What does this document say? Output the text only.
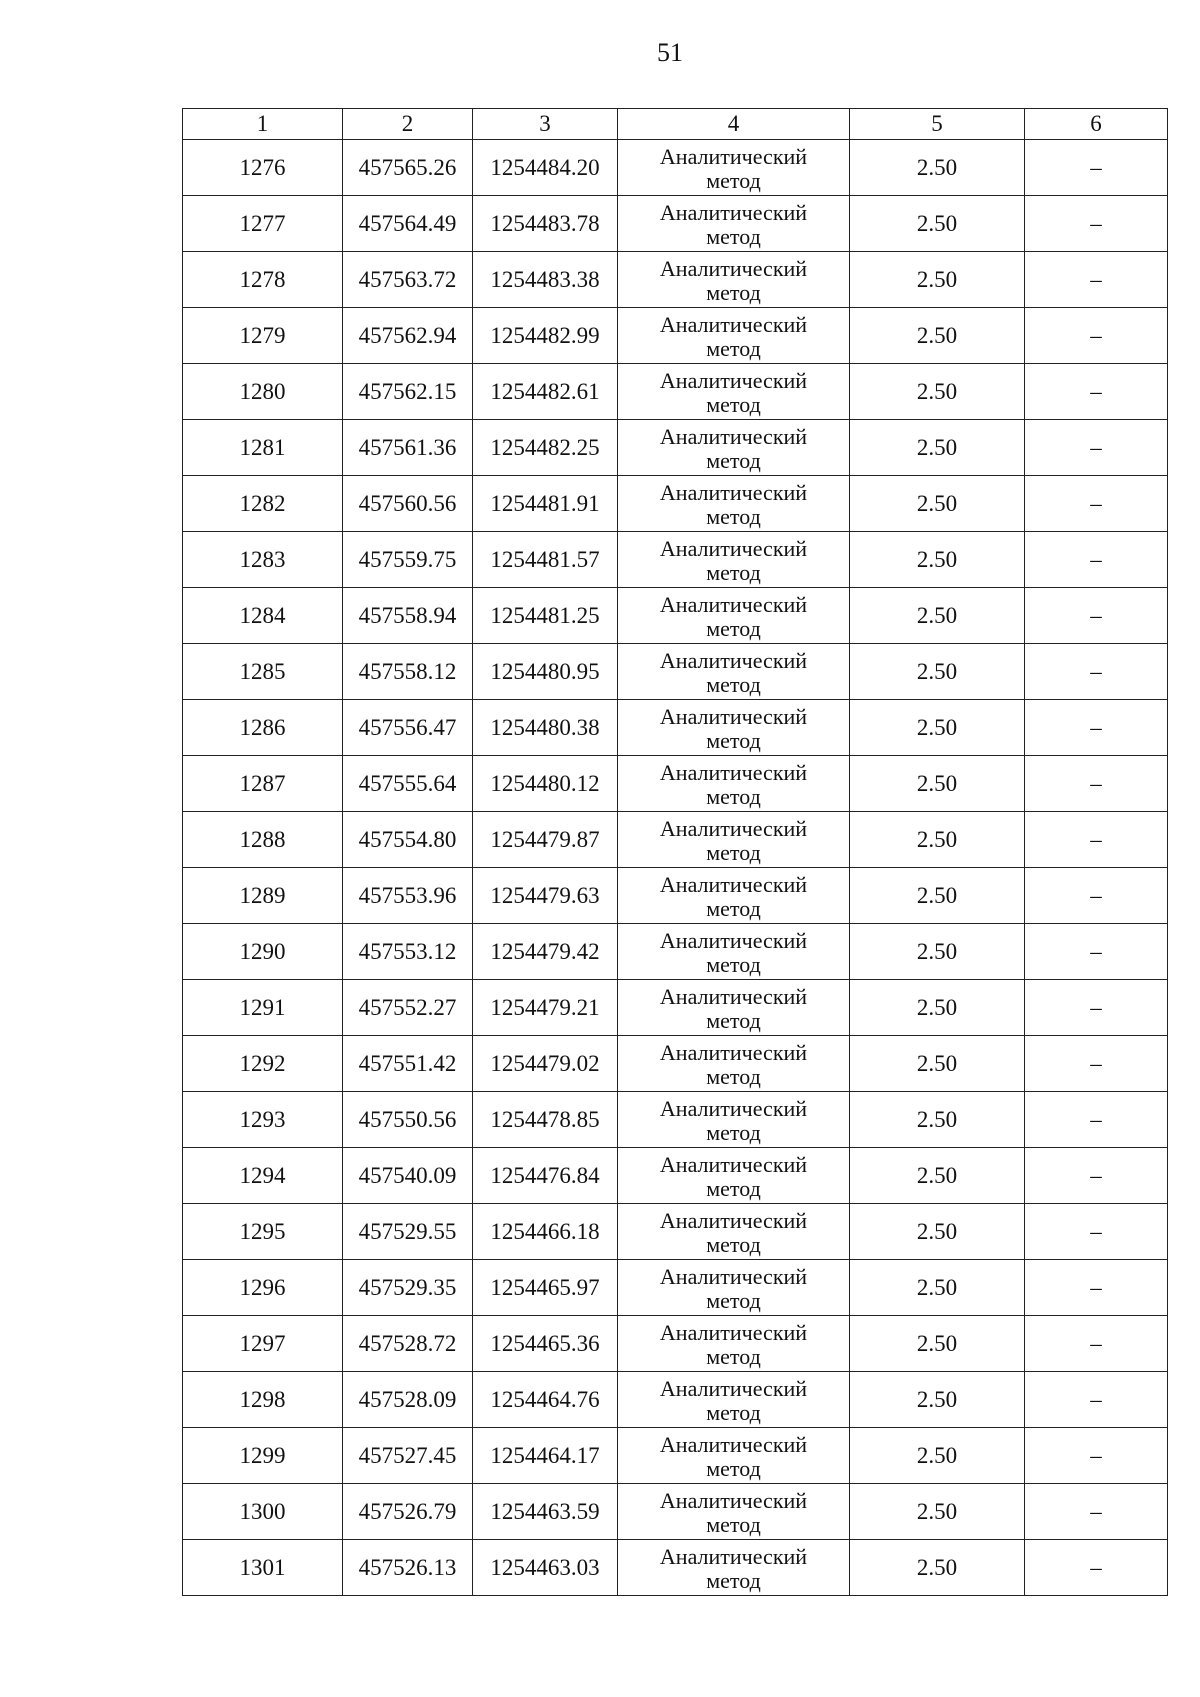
51
1	2	3	4	5	6
1276	457565.26	1254484.20	Аналитический
метод	2.50	–
1277	457564.49	1254483.78	Аналитический
метод	2.50	–
1278	457563.72	1254483.38	Аналитический
метод	2.50	–
1279	457562.94	1254482.99	Аналитический
метод	2.50	–
1280	457562.15	1254482.61	Аналитический
метод	2.50	–
1281	457561.36	1254482.25	Аналитический
метод	2.50	–
1282	457560.56	1254481.91	Аналитический
метод	2.50	–
1283	457559.75	1254481.57	Аналитический
метод	2.50	–
1284	457558.94	1254481.25	Аналитический
метод	2.50	–
1285	457558.12	1254480.95	Аналитический
метод	2.50	–
1286	457556.47	1254480.38	Аналитический
метод	2.50	–
1287	457555.64	1254480.12	Аналитический
метод	2.50	–
1288	457554.80	1254479.87	Аналитический
метод	2.50	–
1289	457553.96	1254479.63	Аналитический
метод	2.50	–
1290	457553.12	1254479.42	Аналитический
метод	2.50	–
1291	457552.27	1254479.21	Аналитический
метод	2.50	–
1292	457551.42	1254479.02	Аналитический
метод	2.50	–
1293	457550.56	1254478.85	Аналитический
метод	2.50	–
1294	457540.09	1254476.84	Аналитический
метод	2.50	–
1295	457529.55	1254466.18	Аналитический
метод	2.50	–
1296	457529.35	1254465.97	Аналитический
метод	2.50	–
1297	457528.72	1254465.36	Аналитический
метод	2.50	–
1298	457528.09	1254464.76	Аналитический
метод	2.50	–
1299	457527.45	1254464.17	Аналитический
метод	2.50	–
1300	457526.79	1254463.59	Аналитический
метод	2.50	–
1301	457526.13	1254463.03	Аналитический
метод	2.50	–
